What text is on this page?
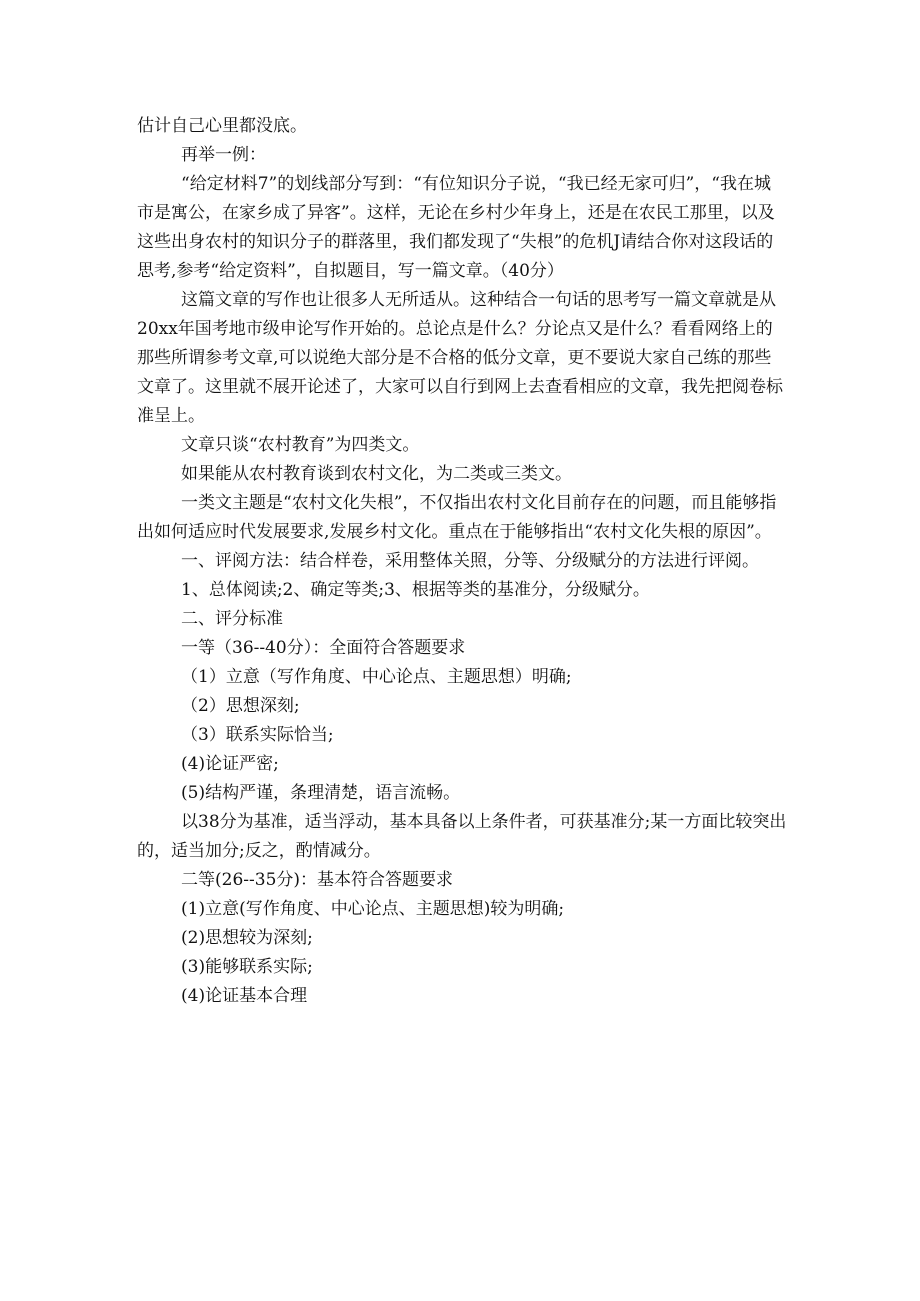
估计自己心里都没底。

再举一例：

“给定材料7”的划线部分写到：“有位知识分子说，“我已经无家可归”，“我在城市是寓公，在家乡成了异客”。这样，无论在乡村少年身上，还是在农民工那里，以及这些出身农村的知识分子的群落里，我们都发现了“失根”的危机J请结合你对这段话的思考,参考“给定资料”，自拟题目，写一篇文章。（40分）

这篇文章的写作也让很多人无所适从。这种结合一句话的思考写一篇文章就是从20xx年国考地市级申论写作开始的。总论点是什么？分论点又是什么？看看网络上的那些所谓参考文章,可以说绝大部分是不合格的低分文章，更不要说大家自己练的那些文章了。这里就不展开论述了，大家可以自行到网上去查看相应的文章，我先把阅卷标准呈上。

文章只谈“农村教育”为四类文。

如果能从农村教育谈到农村文化，为二类或三类文。

一类文主题是“农村文化失根”，不仅指出农村文化目前存在的问题，而且能够指出如何适应时代发展要求,发展乡村文化。重点在于能够指出“农村文化失根的原因”。

一、评阅方法：结合样卷，采用整体关照，分等、分级赋分的方法进行评阅。

1、总体阅读;2、确定等类;3、根据等类的基准分，分级赋分。

二、评分标准

一等（36--40分）：全面符合答题要求

（1）立意（写作角度、中心论点、主题思想）明确;

（2）思想深刻;

（3）联系实际恰当;

(4)论证严密;

(5)结构严谨，条理清楚，语言流畅。

以38分为基准，适当浮动，基本具备以上条件者，可获基准分;某一方面比较突出的，适当加分;反之，酌情减分。

二等(26--35分)：基本符合答题要求

(1)立意(写作角度、中心论点、主题思想)较为明确;

(2)思想较为深刻;

(3)能够联系实际;

(4)论证基本合理
